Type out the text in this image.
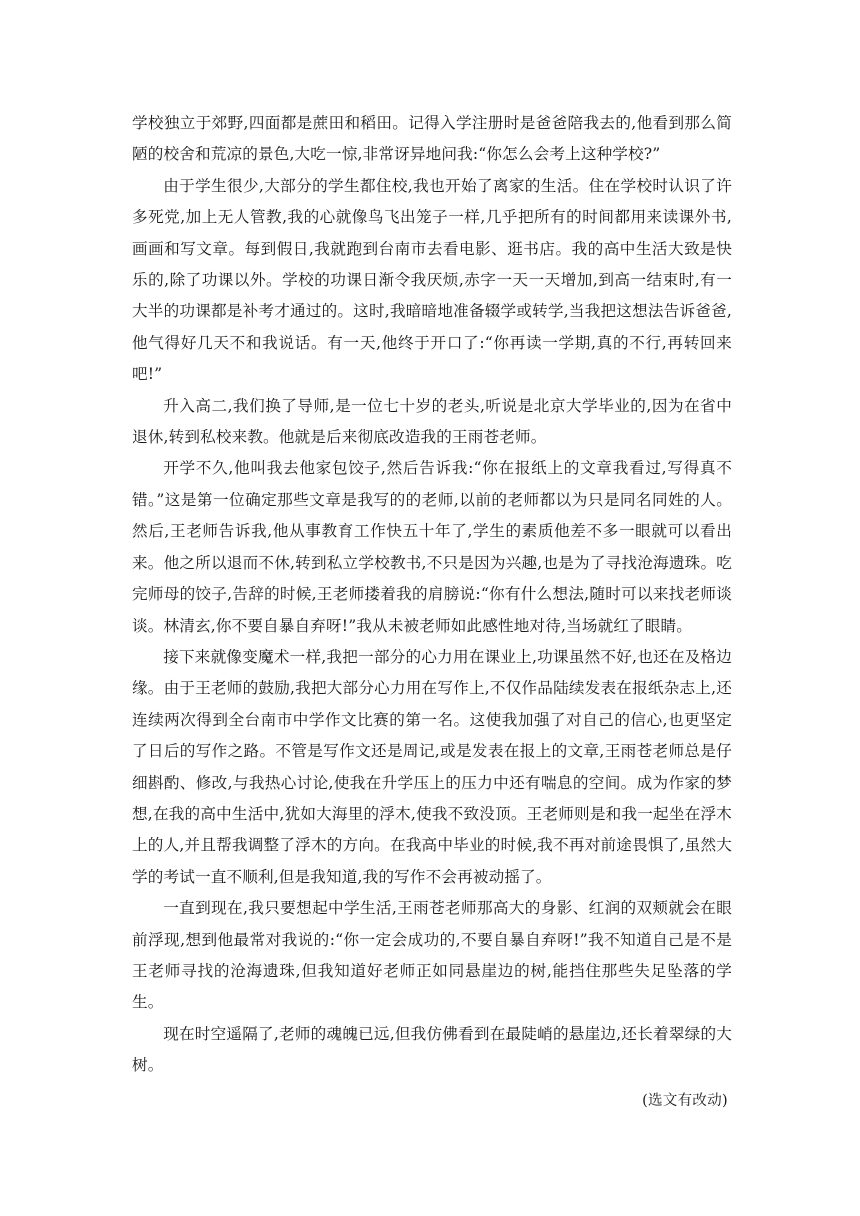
学校独立于郊野,四面都是蔗田和稻田。记得入学注册时是爸爸陪我去的,他看到那么简陋的校舍和荒凉的景色,大吃一惊,非常讶异地问我:“你怎么会考上这种学校?”

由于学生很少,大部分的学生都住校,我也开始了离家的生活。住在学校时认识了许多死党,加上无人管教,我的心就像鸟飞出笼子一样,几乎把所有的时间都用来读课外书,画画和写文章。每到假日,我就跑到台南市去看电影、逛书店。我的高中生活大致是快乐的,除了功课以外。学校的功课日渐令我厌烦,赤字一天一天增加,到高一结束时,有一大半的功课都是补考才通过的。这时,我暗暗地准备辍学或转学,当我把这想法告诉爸爸,他气得好几天不和我说话。有一天,他终于开口了:“你再读一学期,真的不行,再转回来吧!”

升入高二,我们换了导师,是一位七十岁的老头,听说是北京大学毕业的,因为在省中退休,转到私校来教。他就是后来彻底改造我的王雨苍老师。

开学不久,他叫我去他家包饺子,然后告诉我:“你在报纸上的文章我看过,写得真不错。”这是第一位确定那些文章是我写的的老师,以前的老师都以为只是同名同姓的人。然后,王老师告诉我,他从事教育工作快五十年了,学生的素质他差不多一眼就可以看出来。他之所以退而不休,转到私立学校教书,不只是因为兴趣,也是为了寻找沧海遗珠。吃完师母的饺子,告辞的时候,王老师搂着我的肩膀说:“你有什么想法,随时可以来找老师谈谈。林清玄,你不要自暴自弃呀!”我从未被老师如此感性地对待,当场就红了眼睛。

接下来就像变魔术一样,我把一部分的心力用在课业上,功课虽然不好,也还在及格边缘。由于王老师的鼓励,我把大部分心力用在写作上,不仅作品陆续发表在报纸杂志上,还连续两次得到全台南市中学作文比赛的第一名。这使我加强了对自己的信心,也更坚定了日后的写作之路。不管是写作文还是周记,或是发表在报上的文章,王雨苍老师总是仔细斟酌、修改,与我热心讨论,使我在升学压上的压力中还有喘息的空间。成为作家的梦想,在我的高中生活中,犹如大海里的浮木,使我不致没顶。王老师则是和我一起坐在浮木上的人,并且帮我调整了浮木的方向。在我高中毕业的时候,我不再对前途畏惧了,虽然大学的考试一直不顺利,但是我知道,我的写作不会再被动摇了。

一直到现在,我只要想起中学生活,王雨苍老师那高大的身影、红润的双颊就会在眼前浮现,想到他最常对我说的:“你一定会成功的,不要自暴自弃呀!”我不知道自己是不是王老师寻找的沧海遗珠,但我知道好老师正如同悬崖边的树,能挡住那些失足坠落的学生。

现在时空遥隔了,老师的魂魄已远,但我仿佛看到在最陡峭的悬崖边,还长着翠绿的大树。

(选文有改动)
